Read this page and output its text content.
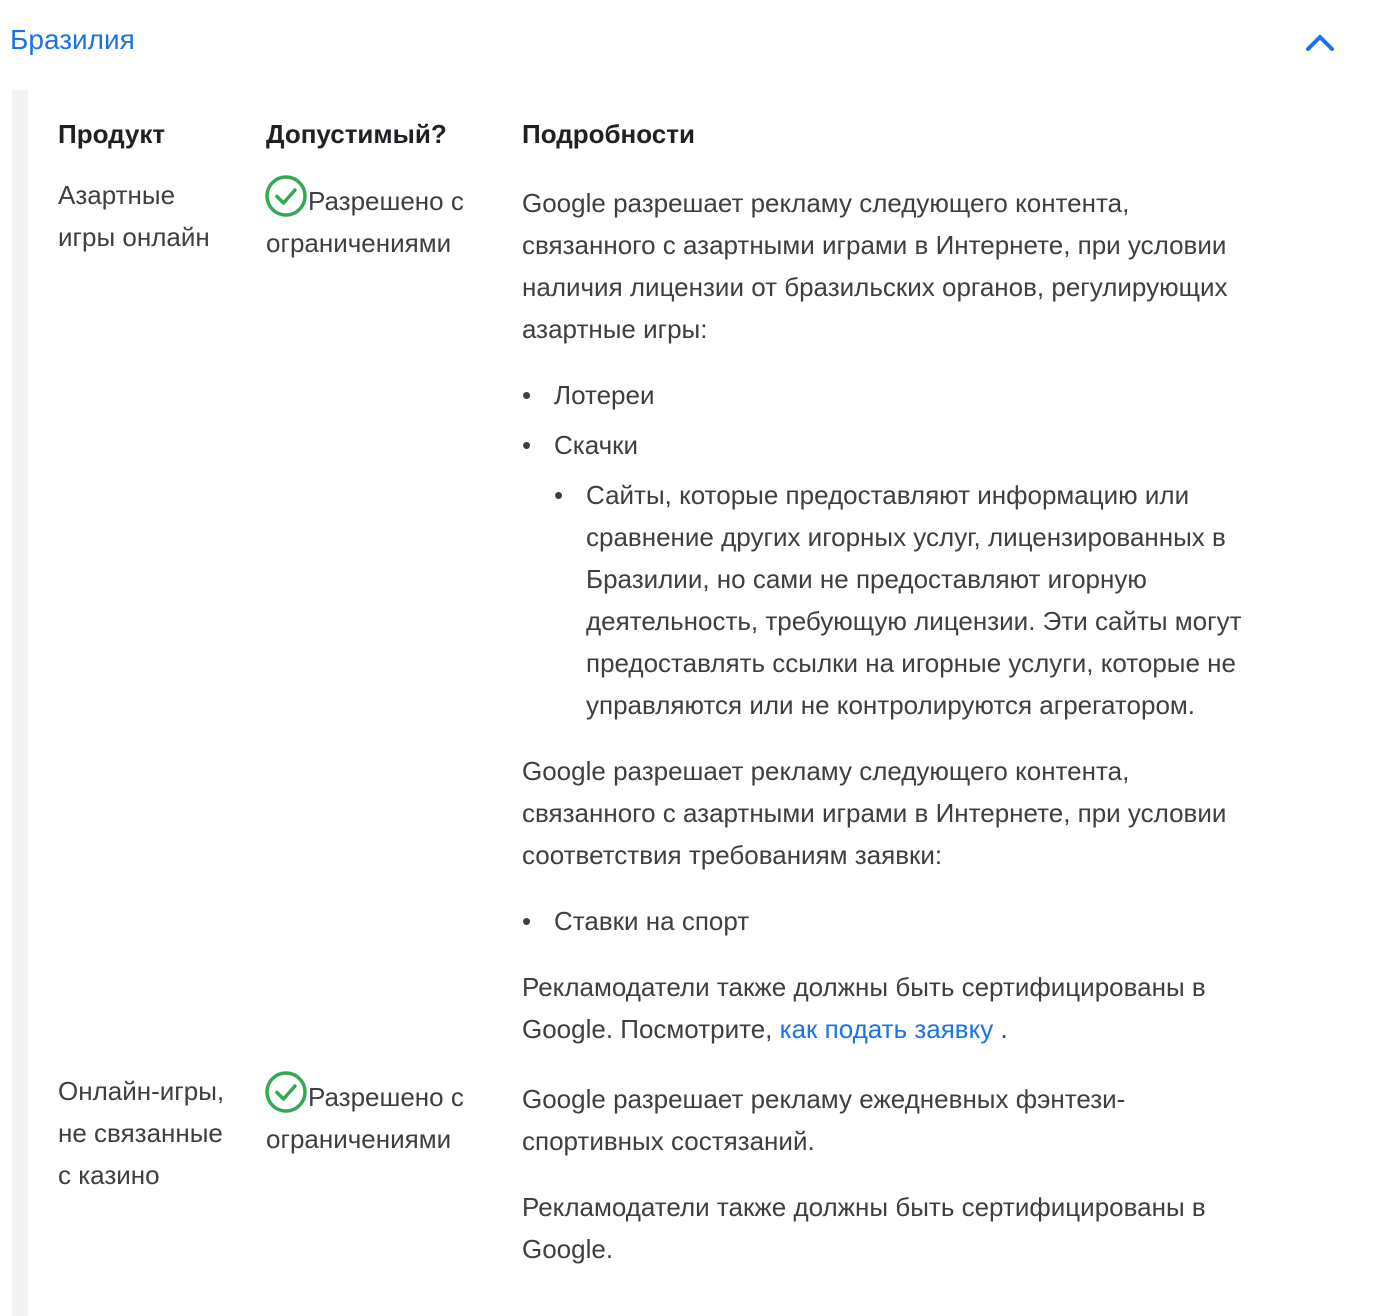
Бразилия
Продукт	Допустимый?	Подробности
Азартные
игры онлайн
Разрешено с
ограничениями

Google разрешает рекламу следующего контента,
связанного с азартными играми в Интернете, при условии
наличия лицензии от бразильских органов, регулирующих
азартные игры:

• Лотереи
• Скачки
• Сайты, которые предоставляют информацию или
сравнение других игорных услуг, лицензированных в
Бразилии, но сами не предоставляют игорную
деятельность, требующую лицензии. Эти сайты могут
предоставлять ссылки на игорные услуги, которые не
управляются или не контролируются агрегатором.

Google разрешает рекламу следующего контента,
связанного с азартными играми в Интернете, при условии
соответствия требованиям заявки:

• Ставки на спорт

Рекламодатели также должны быть сертифицированы в
Google. Посмотрите, как подать заявку .

Онлайн-игры,
не связанные
с казино
Разрешено с
ограничениями

Google разрешает рекламу ежедневных фэнтези-
спортивных состязаний.

Рекламодатели также должны быть сертифицированы в
Google.
